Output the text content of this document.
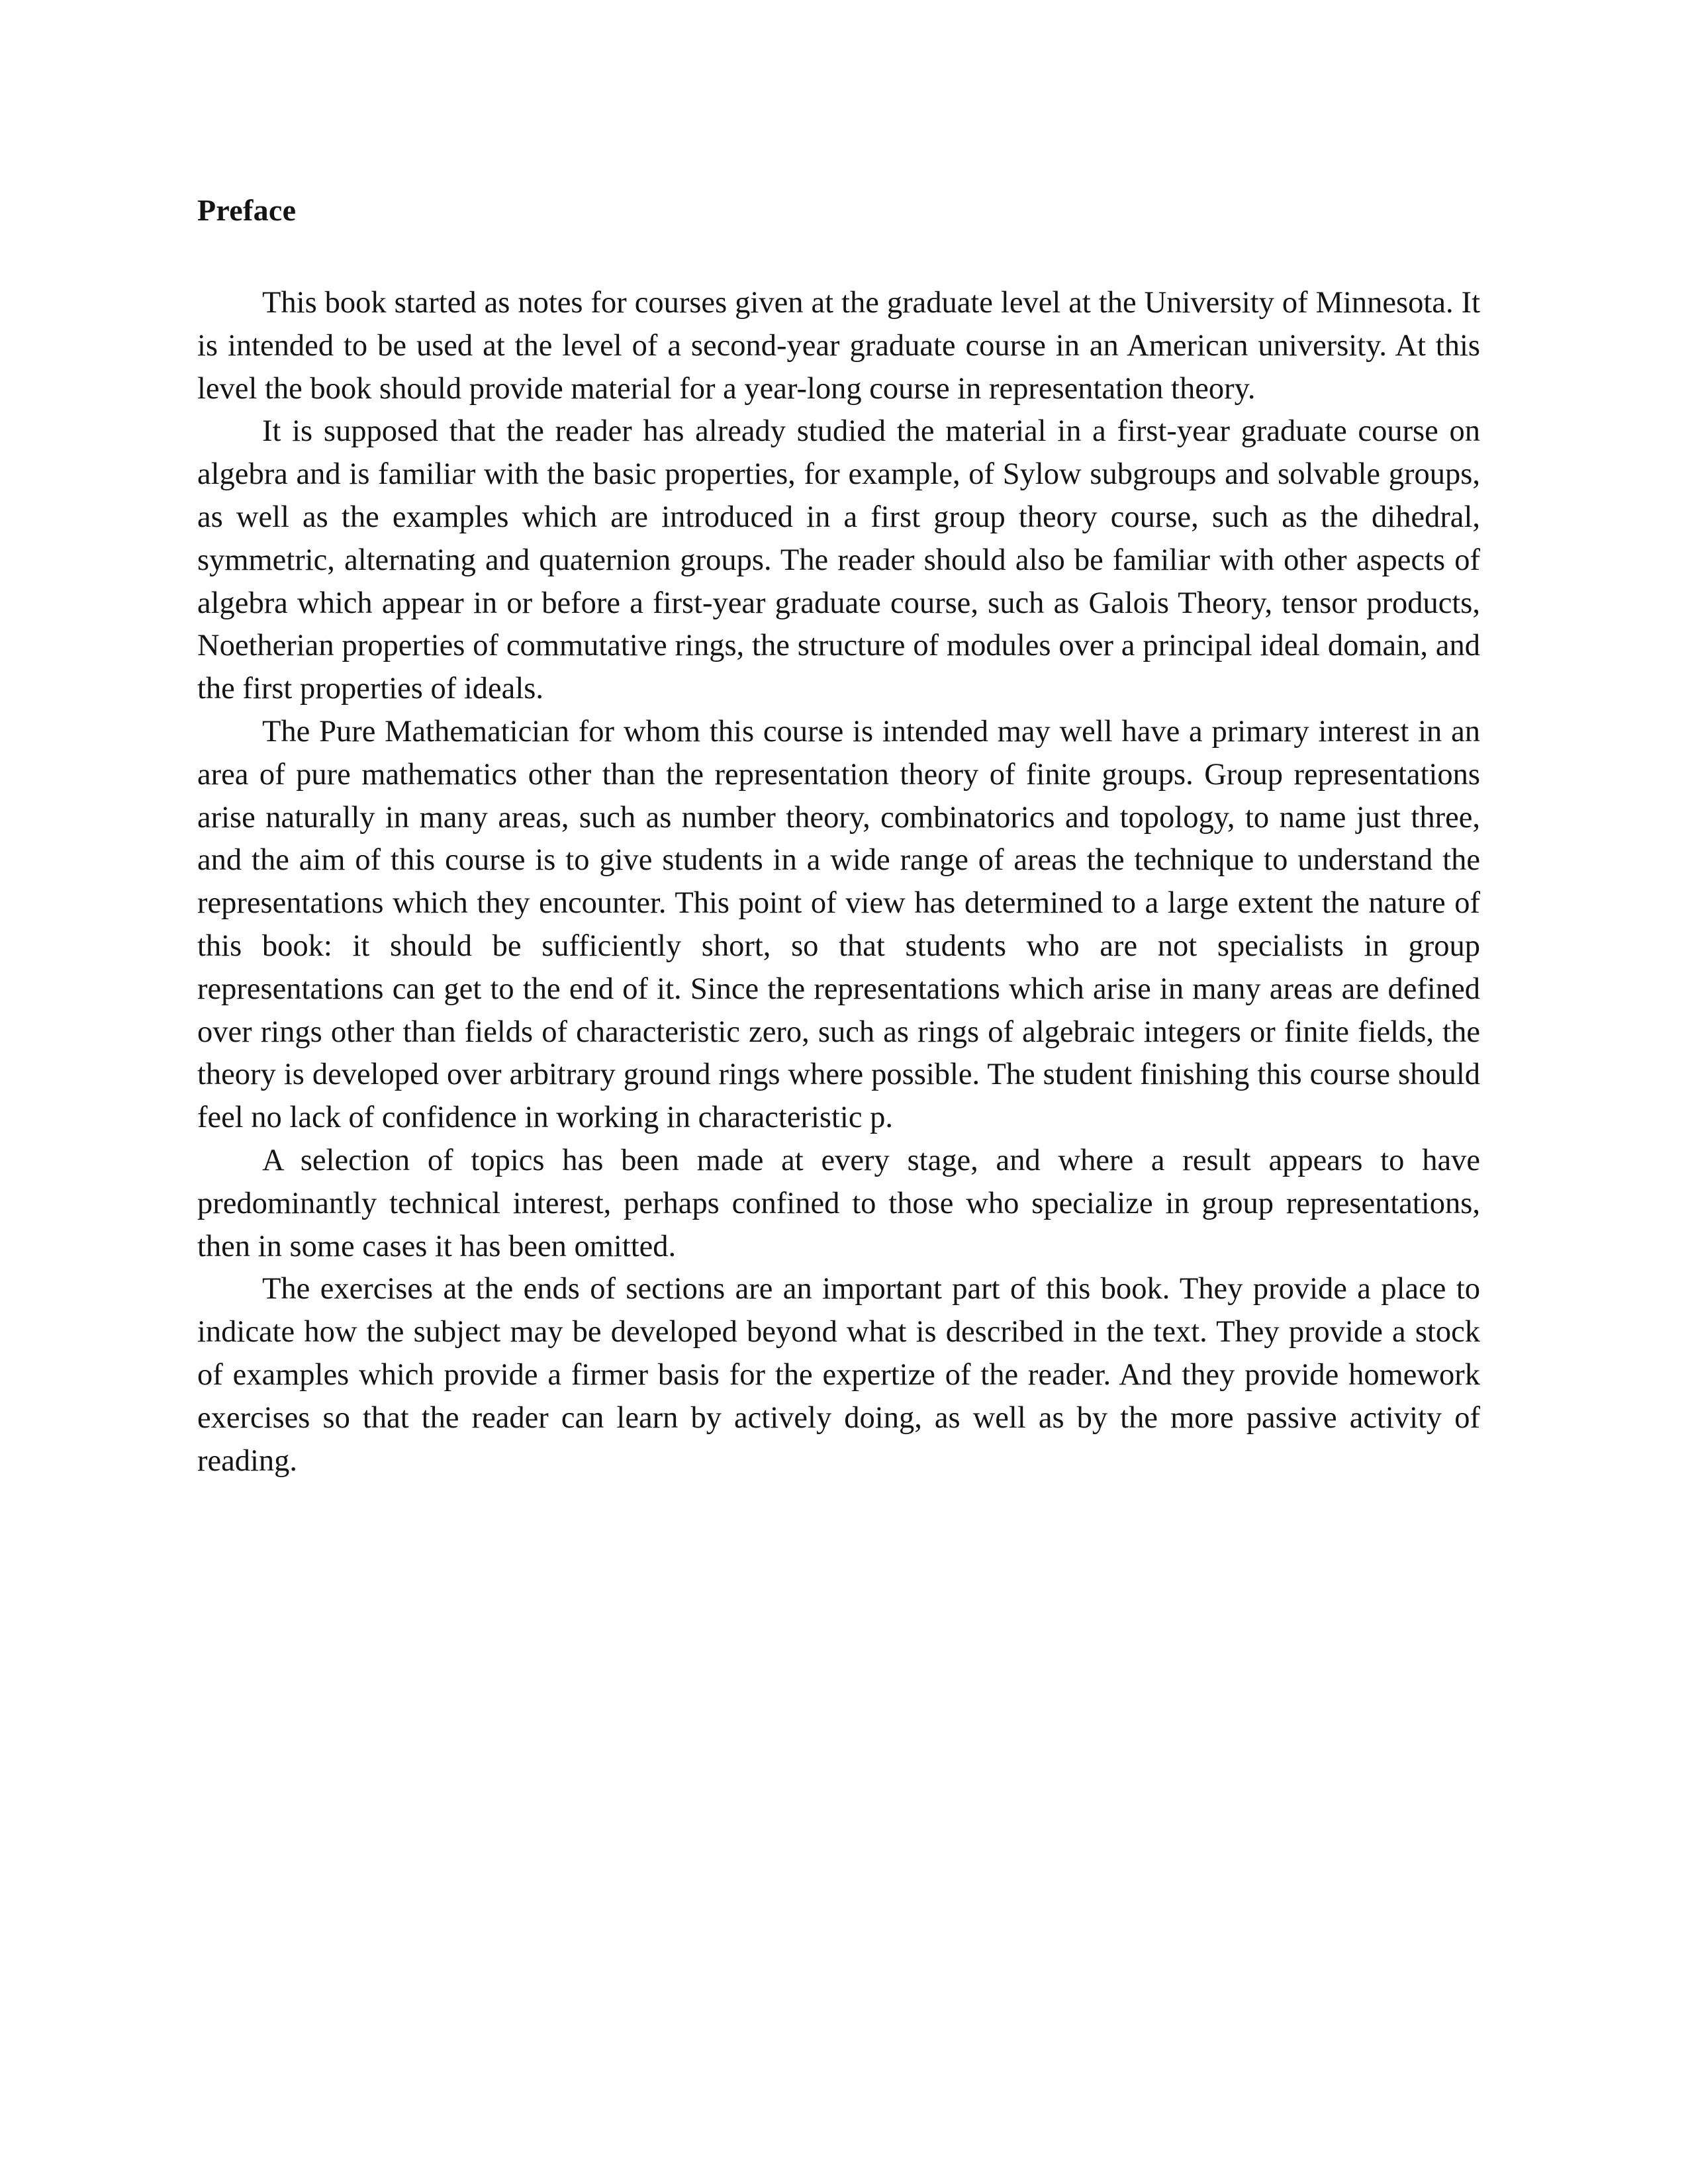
Preface

This book started as notes for courses given at the graduate level at the University of Minnesota. It is intended to be used at the level of a second-year graduate course in an American university. At this level the book should provide material for a year-long course in representation theory.

It is supposed that the reader has already studied the material in a first-year graduate course on algebra and is familiar with the basic properties, for example, of Sylow subgroups and solvable groups, as well as the examples which are introduced in a first group theory course, such as the dihedral, symmetric, alternating and quaternion groups. The reader should also be familiar with other aspects of algebra which appear in or before a first-year graduate course, such as Galois Theory, tensor products, Noetherian properties of commutative rings, the structure of modules over a principal ideal domain, and the first properties of ideals.

The Pure Mathematician for whom this course is intended may well have a primary interest in an area of pure mathematics other than the representation theory of finite groups. Group representations arise naturally in many areas, such as number theory, combinatorics and topology, to name just three, and the aim of this course is to give students in a wide range of areas the technique to understand the representations which they encounter. This point of view has determined to a large extent the nature of this book: it should be sufficiently short, so that students who are not specialists in group representations can get to the end of it. Since the representations which arise in many areas are defined over rings other than fields of characteristic zero, such as rings of algebraic integers or finite fields, the theory is developed over arbitrary ground rings where possible. The student finishing this course should feel no lack of confidence in working in characteristic p.

A selection of topics has been made at every stage, and where a result appears to have predominantly technical interest, perhaps confined to those who specialize in group representations, then in some cases it has been omitted.

The exercises at the ends of sections are an important part of this book. They provide a place to indicate how the subject may be developed beyond what is described in the text. They provide a stock of examples which provide a firmer basis for the expertize of the reader. And they provide homework exercises so that the reader can learn by actively doing, as well as by the more passive activity of reading.
